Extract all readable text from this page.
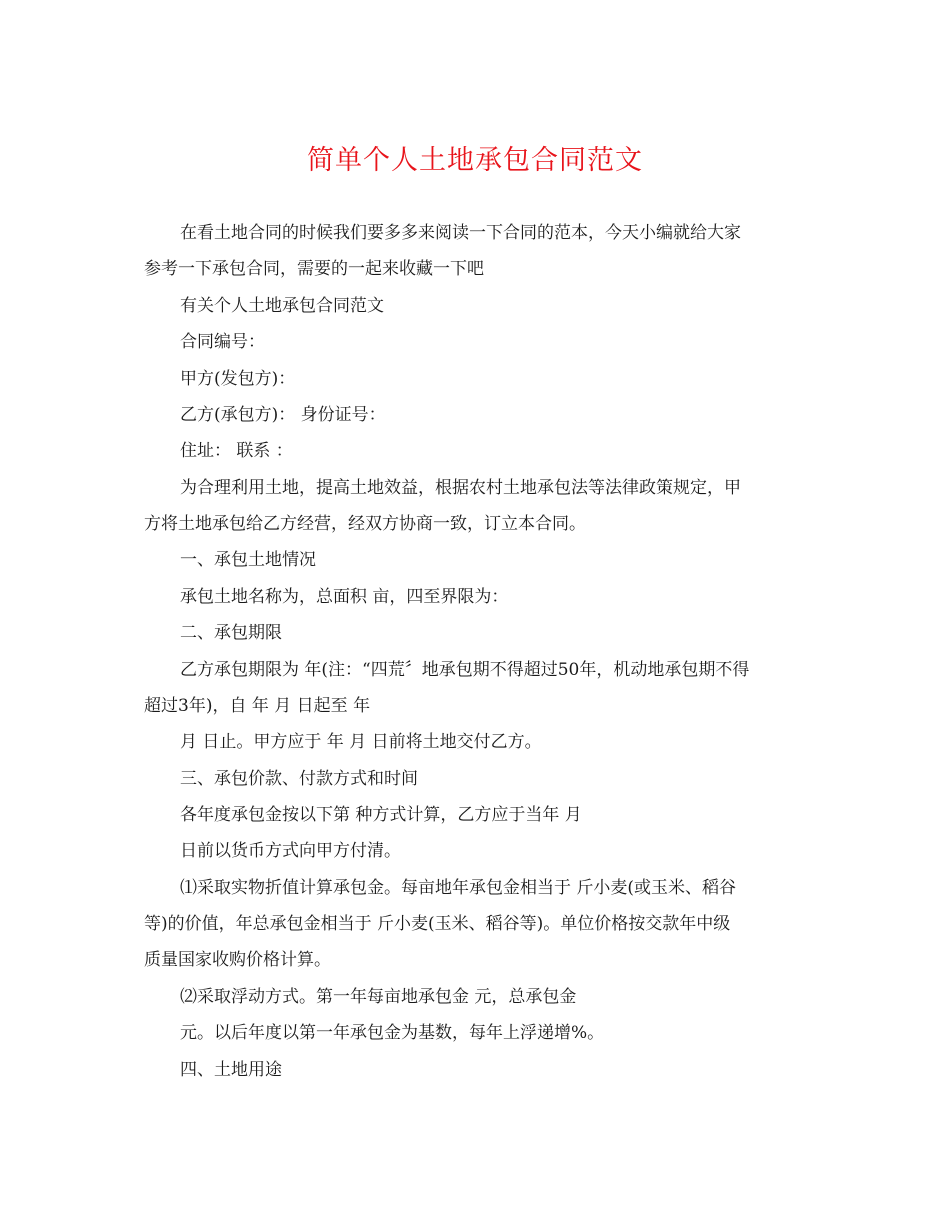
简单个人土地承包合同范文
在看土地合同的时候我们要多多来阅读一下合同的范本，今天小编就给大家
参考一下承包合同，需要的一起来收藏一下吧
有关个人土地承包合同范文
合同编号：
甲方(发包方)：
乙方(承包方)： 身份证号：
住址： 联系 ：
为合理利用土地，提高土地效益，根据农村土地承包法等法律政策规定，甲
方将土地承包给乙方经营，经双方协商一致，订立本合同。
一、承包土地情况
承包土地名称为，总面积 亩，四至界限为：
二、承包期限
乙方承包期限为 年(注：“四荒〞地承包期不得超过50年，机动地承包期不得
超过3年)，自 年 月 日起至 年
月 日止。甲方应于 年 月 日前将土地交付乙方。
三、承包价款、付款方式和时间
各年度承包金按以下第 种方式计算，乙方应于当年 月
日前以货币方式向甲方付清。
⑴采取实物折值计算承包金。每亩地年承包金相当于 斤小麦(或玉米、稻谷
等)的价值，年总承包金相当于 斤小麦(玉米、稻谷等)。单位价格按交款年中级
质量国家收购价格计算。
⑵采取浮动方式。第一年每亩地承包金 元，总承包金
元。以后年度以第一年承包金为基数，每年上浮递增%。
四、土地用途
